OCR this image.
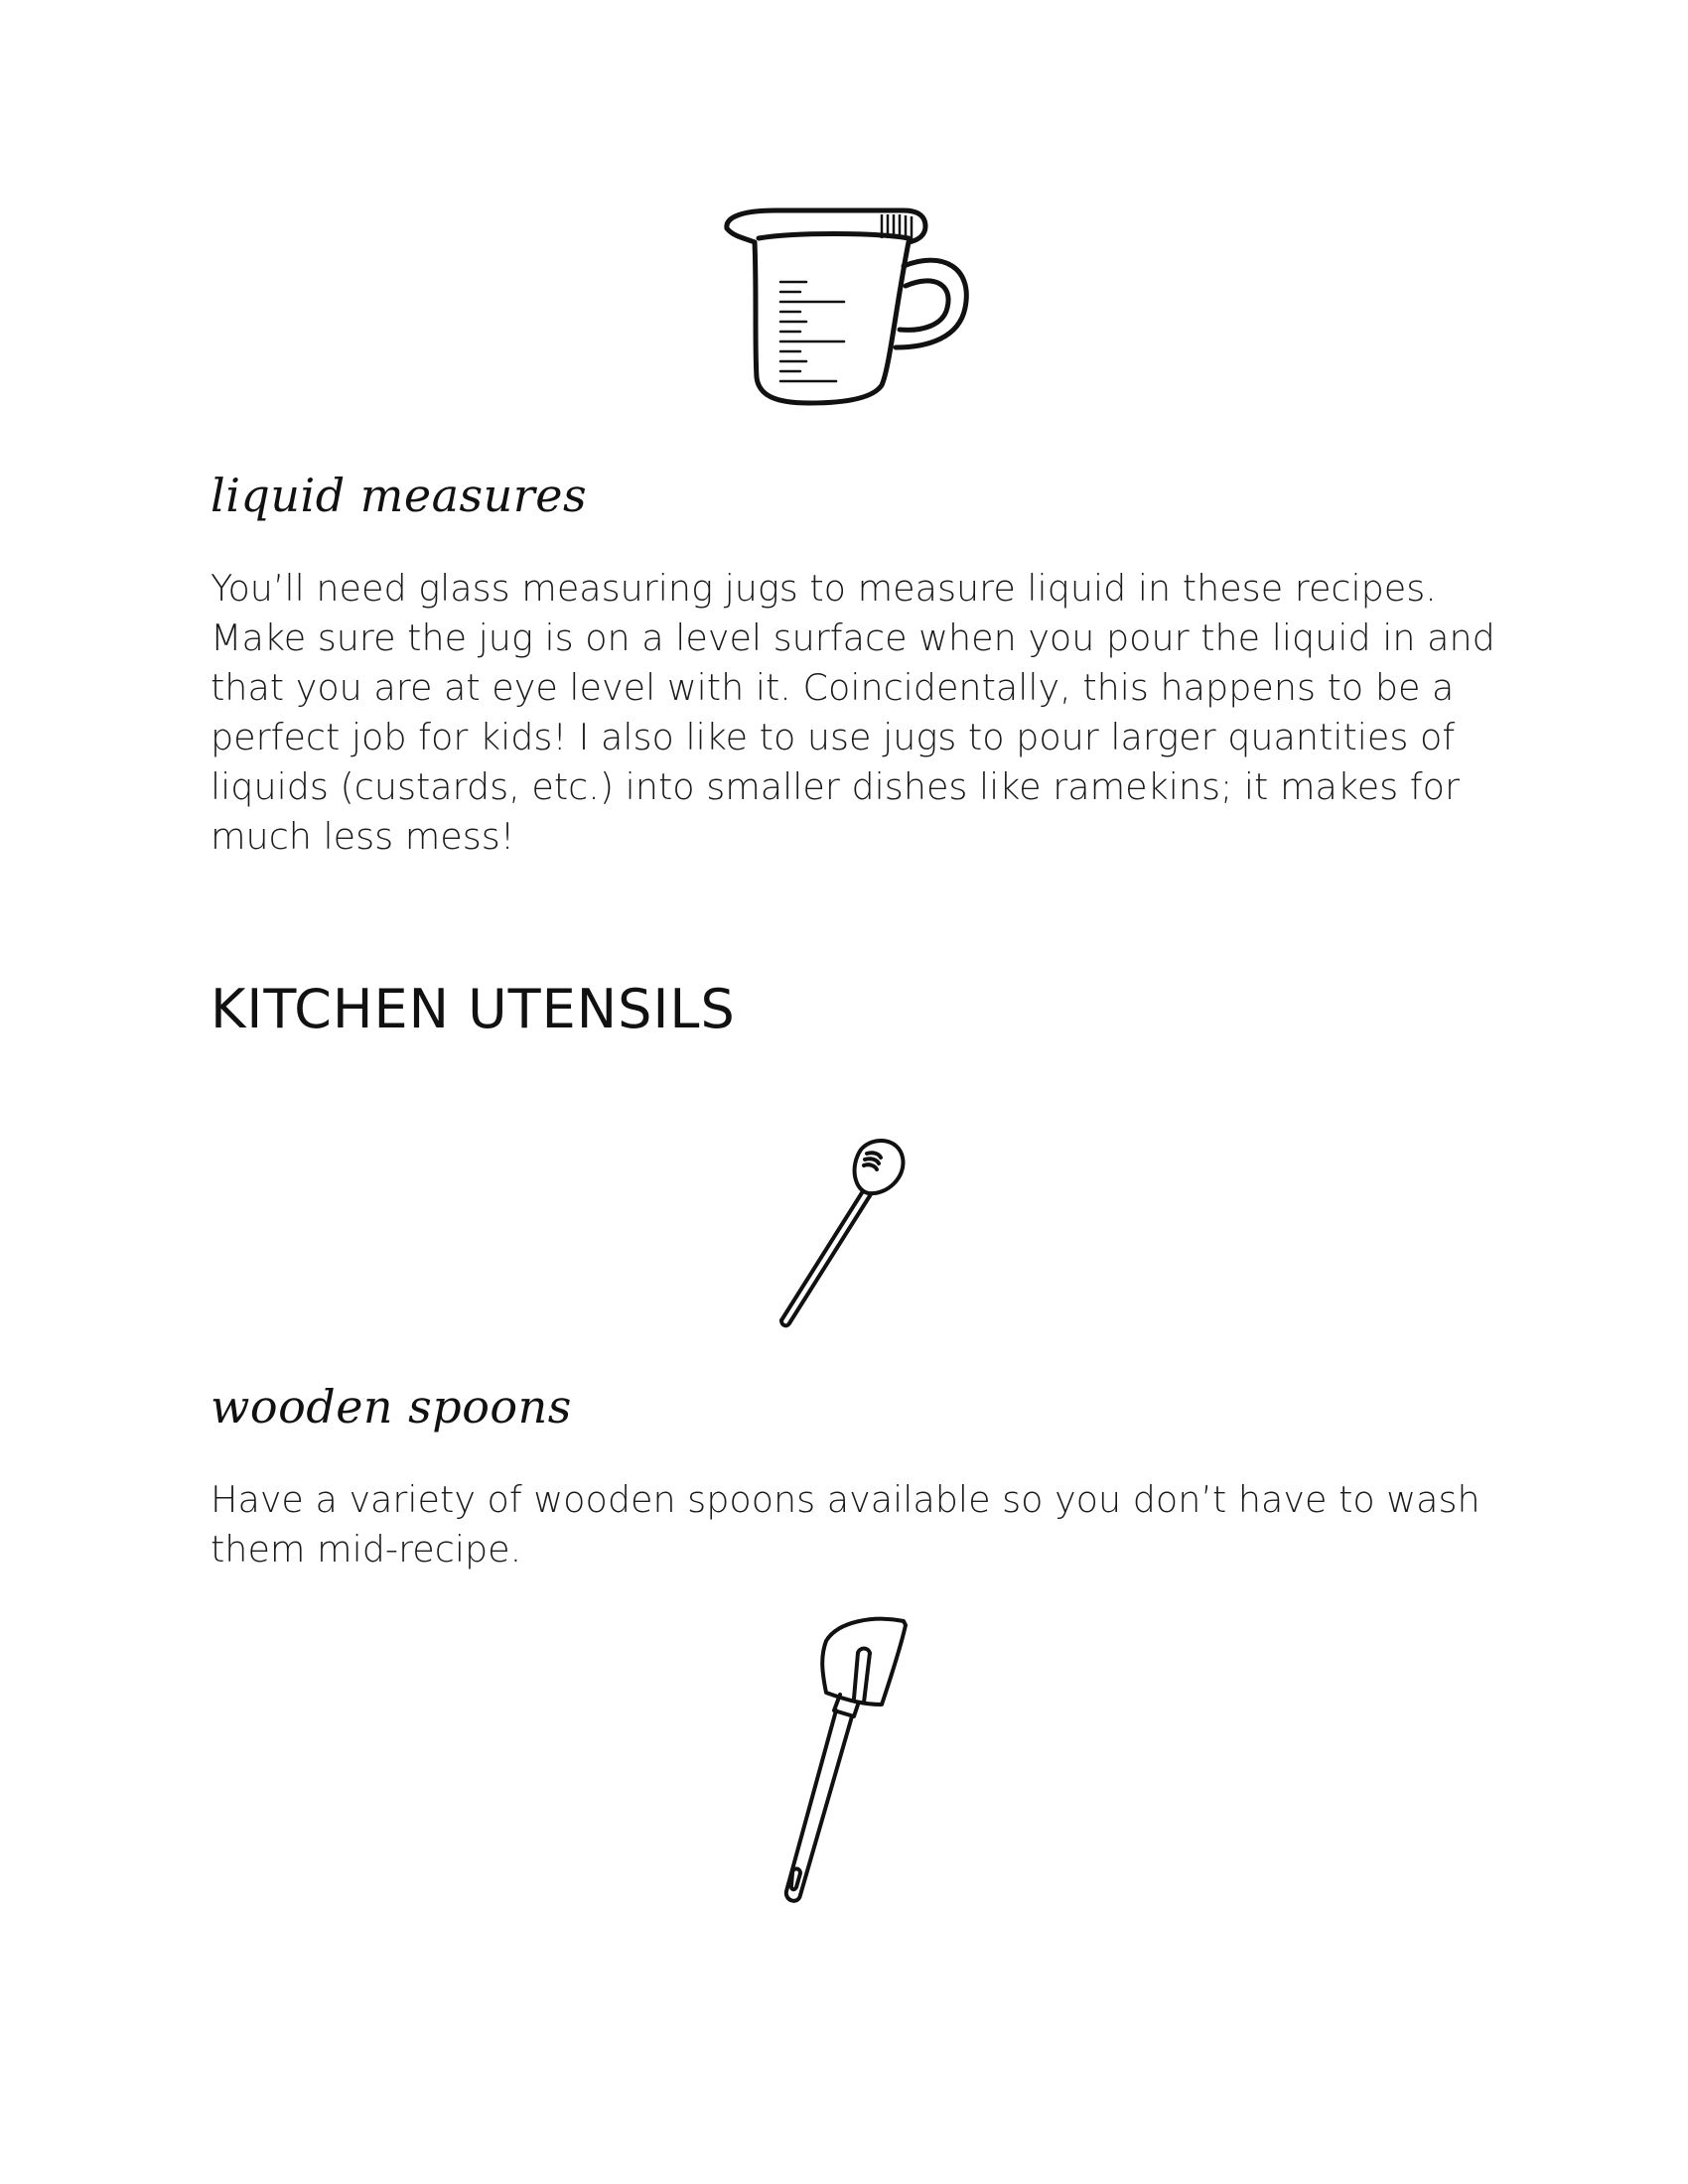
liquid measures

You’ll need glass measuring jugs to measure liquid in these recipes. Make sure the jug is on a level surface when you pour the liquid in and that you are at eye level with it. Coincidentally, this happens to be a perfect job for kids! I also like to use jugs to pour larger quantities of liquids (custards, etc.) into smaller dishes like ramekins; it makes for much less mess!

KITCHEN UTENSILS
wooden spoons

Have a variety of wooden spoons available so you don’t have to wash them mid-recipe.
